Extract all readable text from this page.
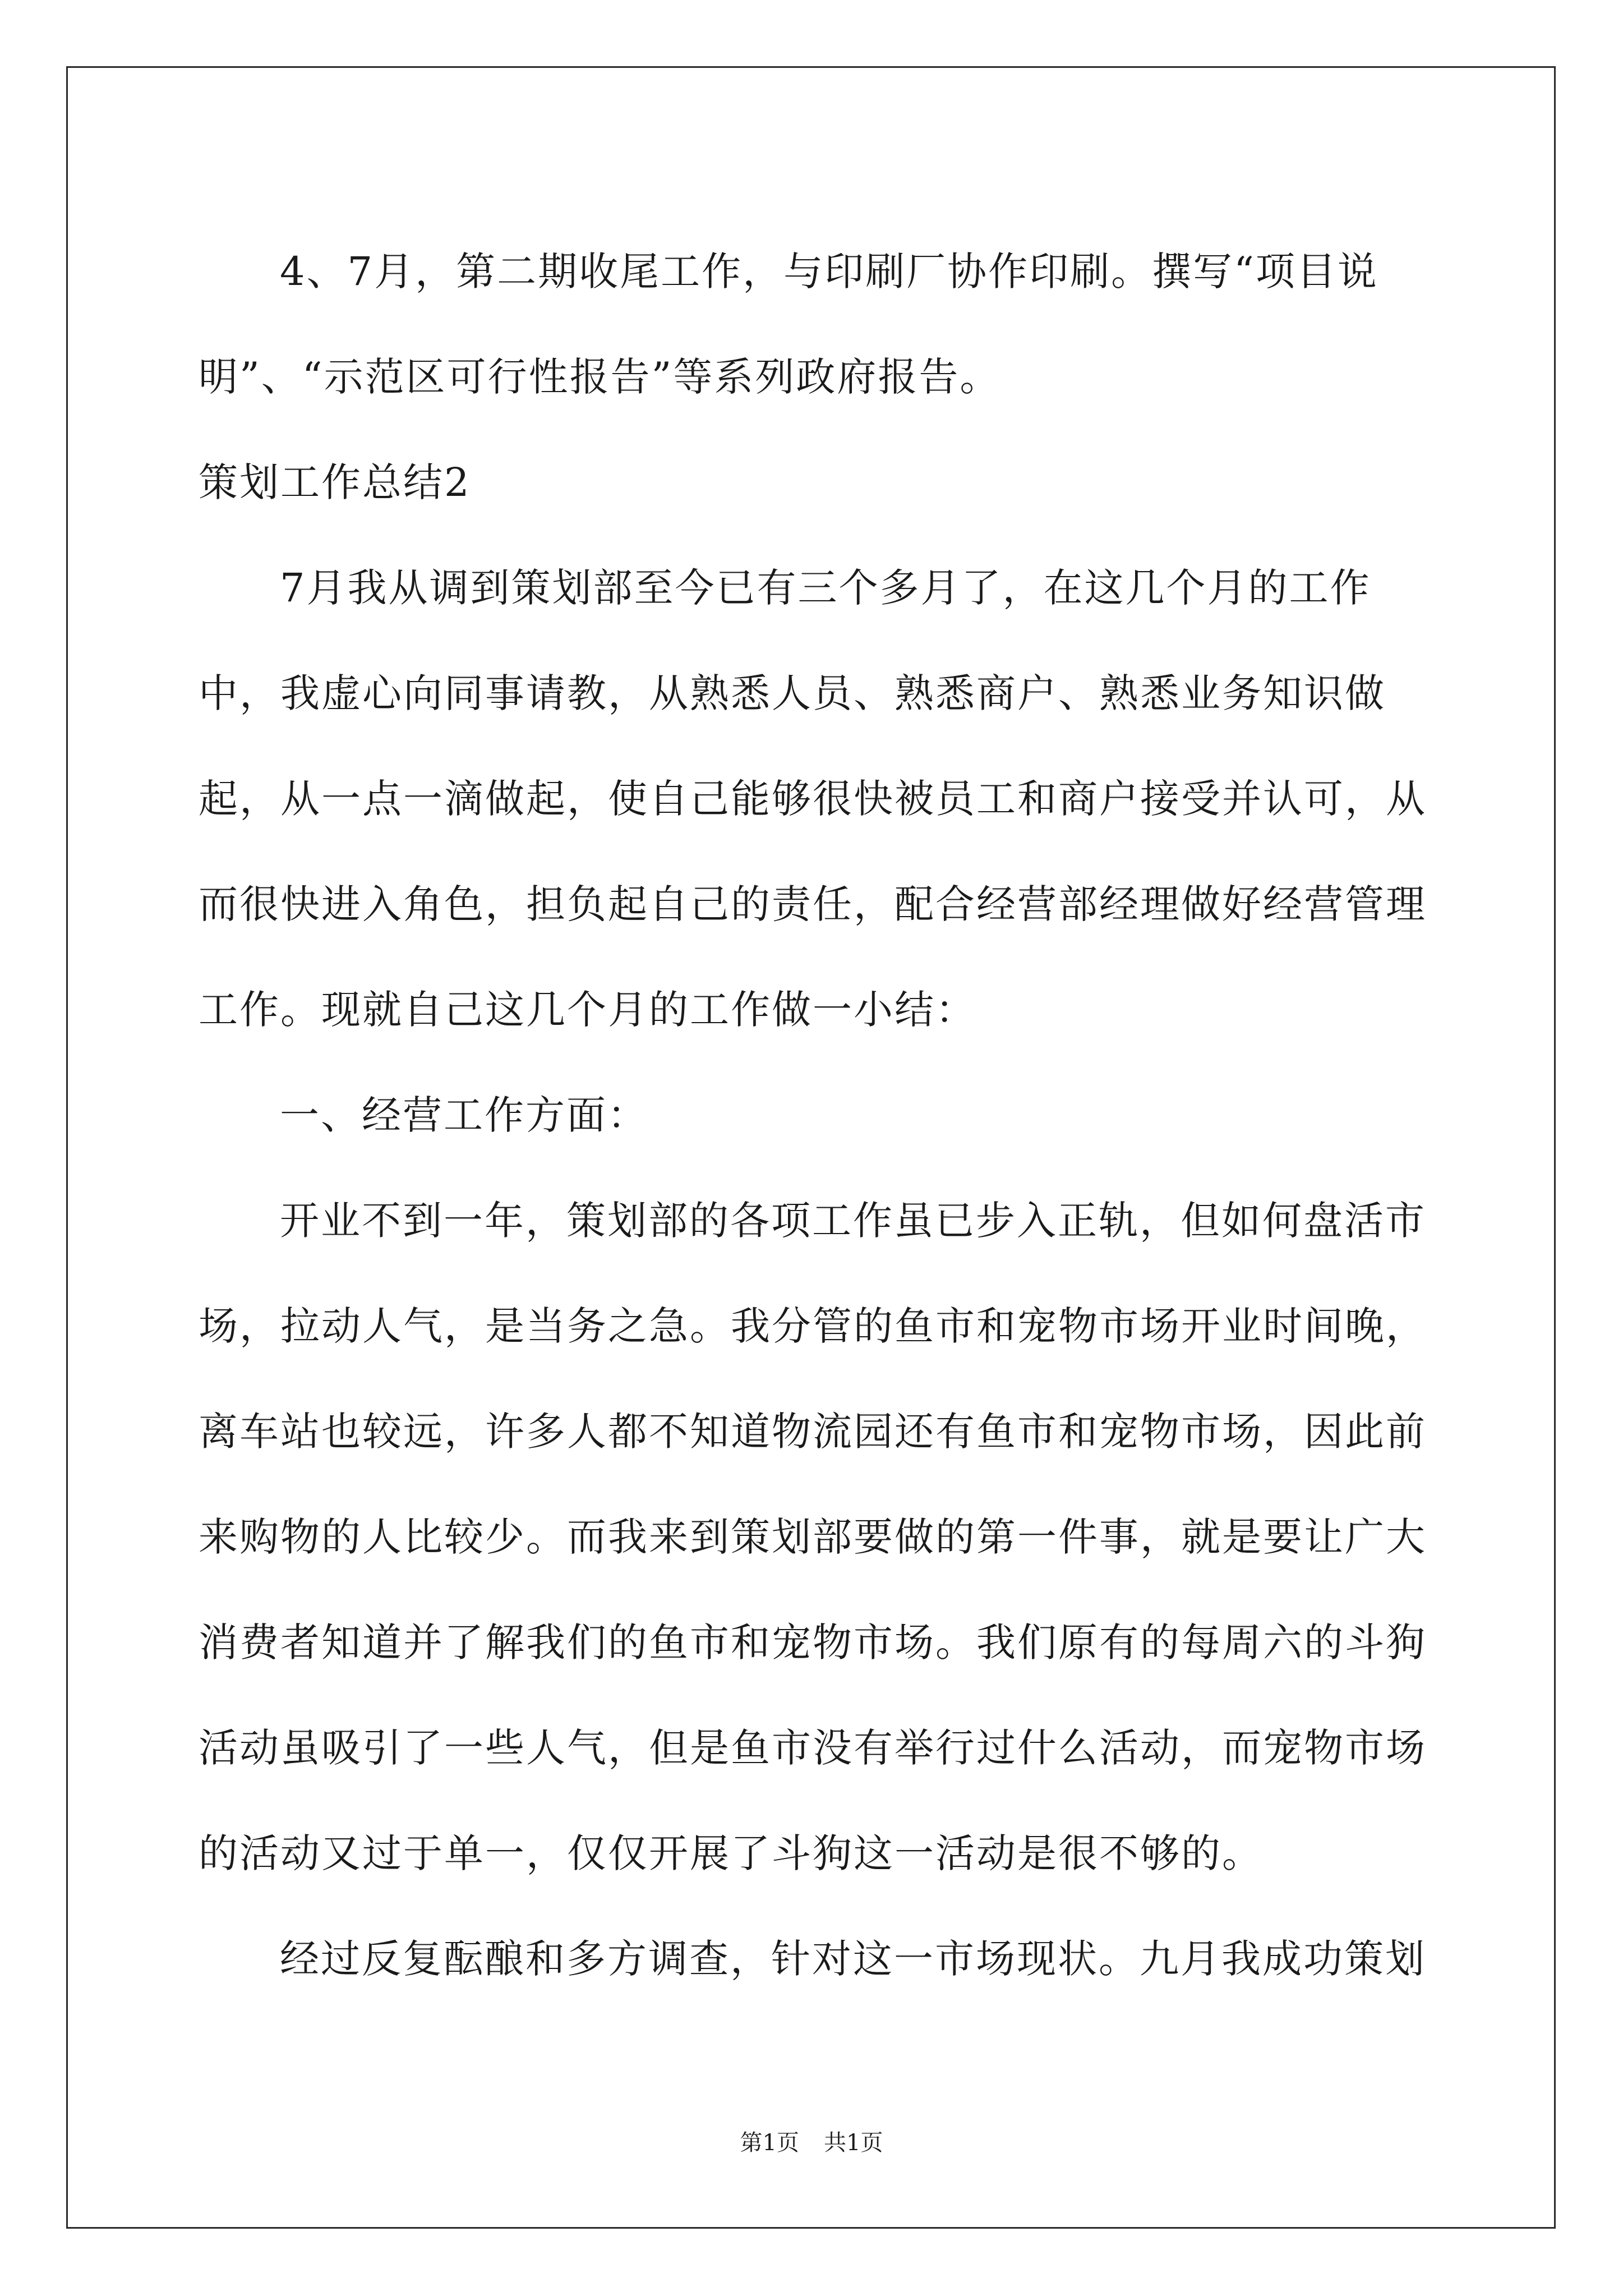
4、7月，第二期收尾工作，与印刷厂协作印刷。撰写“项目说明”、“示范区可行性报告”等系列政府报告。

策划工作总结2

7月我从调到策划部至今已有三个多月了，在这几个月的工作中，我虚心向同事请教，从熟悉人员、熟悉商户、熟悉业务知识做起，从一点一滴做起，使自己能够很快被员工和商户接受并认可，从而很快进入角色，担负起自己的责任，配合经营部经理做好经营管理工作。现就自己这几个月的工作做一小结：

一、经营工作方面：

开业不到一年，策划部的各项工作虽已步入正轨，但如何盘活市场，拉动人气，是当务之急。我分管的鱼市和宠物市场开业时间晚，离车站也较远，许多人都不知道物流园还有鱼市和宠物市场，因此前来购物的人比较少。而我来到策划部要做的第一件事，就是要让广大消费者知道并了解我们的鱼市和宠物市场。我们原有的每周六的斗狗活动虽吸引了一些人气，但是鱼市没有举行过什么活动，而宠物市场的活动又过于单一，仅仅开展了斗狗这一活动是很不够的。

经过反复酝酿和多方调查，针对这一市场现状。九月我成功策划

第1页 共1页
